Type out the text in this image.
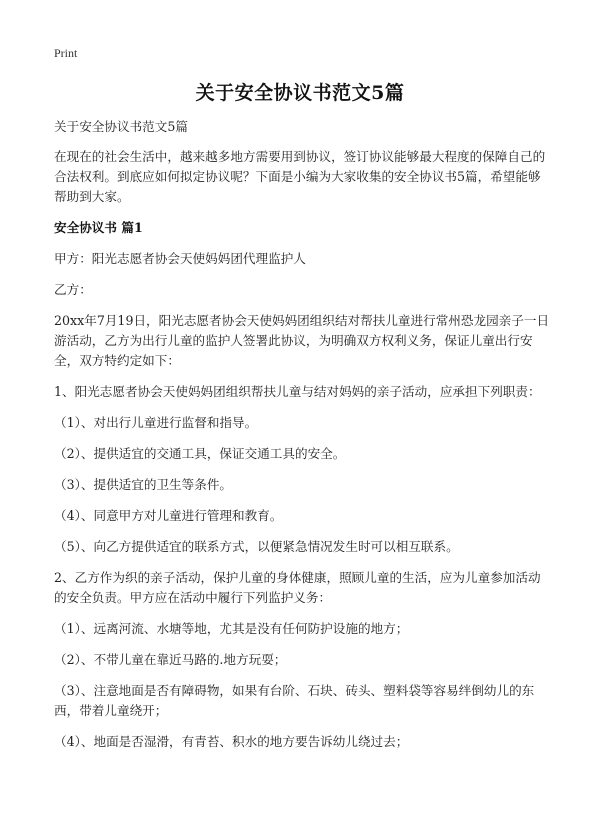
Print
关于安全协议书范文5篇

关于安全协议书范文5篇

在现在的社会生活中，越来越多地方需要用到协议，签订协议能够最大程度的保障自己的合法权利。到底应如何拟定协议呢？下面是小编为大家收集的安全协议书5篇，希望能够帮助到大家。

安全协议书 篇1

甲方：阳光志愿者协会天使妈妈团代理监护人

乙方：

20xx年7月19日，阳光志愿者协会天使妈妈团组织结对帮扶儿童进行常州恐龙园亲子一日游活动，乙方为出行儿童的监护人签署此协议，为明确双方权利义务，保证儿童出行安全，双方特约定如下：

1、阳光志愿者协会天使妈妈团组织帮扶儿童与结对妈妈的亲子活动，应承担下列职责：

（1）、对出行儿童进行监督和指导。

（2）、提供适宜的交通工具，保证交通工具的安全。

（3）、提供适宜的卫生等条件。

（4）、同意甲方对儿童进行管理和教育。

（5）、向乙方提供适宜的联系方式，以便紧急情况发生时可以相互联系。

2、乙方作为织的亲子活动，保护儿童的身体健康，照顾儿童的生活，应为儿童参加活动的安全负责。甲方应在活动中履行下列监护义务：

（1）、远离河流、水塘等地，尤其是没有任何防护设施的地方；

（2）、不带儿童在靠近马路的.地方玩耍；

（3）、注意地面是否有障碍物，如果有台阶、石块、砖头、塑料袋等容易绊倒幼儿的东西，带着儿童绕开；

（4）、地面是否湿滑，有青苔、积水的地方要告诉幼儿绕过去；
